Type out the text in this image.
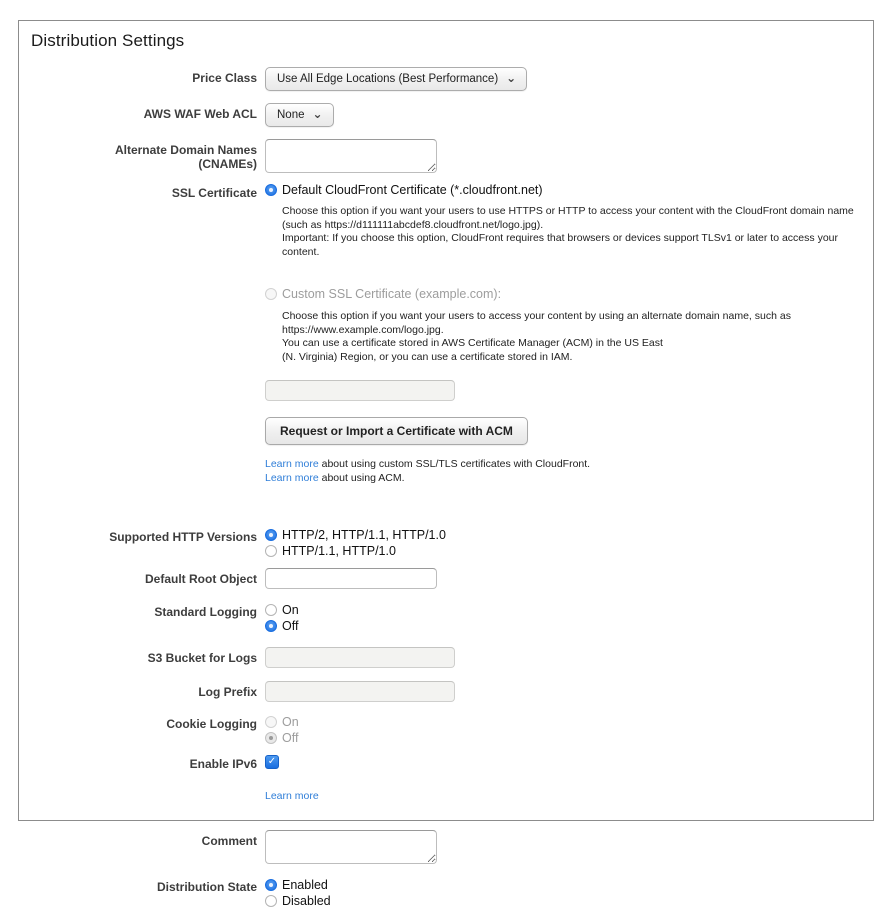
Distribution Settings
Price Class	Use All Edge Locations (Best Performance) ⌄
AWS WAF Web ACL	None ⌄
Alternate Domain Names
(CNAMEs)
SSL Certificate	Default CloudFront Certificate (*.cloudfront.net)
Choose this option if you want your users to use HTTPS or HTTP to access your content with the CloudFront domain name (such as https://d111111abcdef8.cloudfront.net/logo.jpg).
Important: If you choose this option, CloudFront requires that browsers or devices support TLSv1 or later to access your content.
Custom SSL Certificate (example.com):
Choose this option if you want your users to access your content by using an alternate domain name, such as https://www.example.com/logo.jpg.
You can use a certificate stored in AWS Certificate Manager (ACM) in the US East
(N. Virginia) Region, or you can use a certificate stored in IAM.
Request or Import a Certificate with ACM
Learn more about using custom SSL/TLS certificates with CloudFront.
Learn more about using ACM.
Supported HTTP Versions	HTTP/2, HTTP/1.1, HTTP/1.0
HTTP/1.1, HTTP/1.0
Default Root Object
Standard Logging	On
Off
S3 Bucket for Logs
Log Prefix
Cookie Logging	On
Off
Enable IPv6	✓
Learn more
Comment
Distribution State	Enabled
Disabled
